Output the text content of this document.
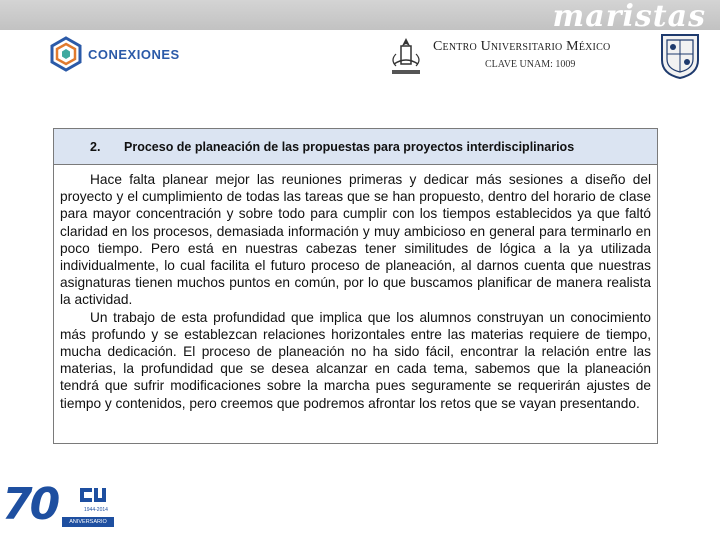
maristas
CONEXIONES
Centro Universitario México
CLAVE UNAM: 1009
2.	Proceso de planeación de las propuestas para proyectos interdisciplinarios

Hace falta planear mejor las reuniones primeras y dedicar más sesiones a diseño del proyecto y el cumplimiento de todas las tareas que se han propuesto, dentro del horario de clase para mayor concentración y sobre todo para cumplir con los tiempos establecidos ya que faltó claridad en los procesos, demasiada información y muy ambicioso en general para terminarlo en poco tiempo. Pero está en nuestras cabezas tener similitudes de lógica a la ya utilizada individualmente, lo cual facilita el futuro proceso de planeación, al darnos cuenta que nuestras asignaturas tienen muchos puntos en común, por lo que buscamos planificar de manera realista la actividad.

Un trabajo de esta profundidad que implica que los alumnos construyan un conocimiento más profundo y se establezcan relaciones horizontales entre las materias requiere de tiempo, mucha dedicación. El proceso de planeación no ha sido fácil, encontrar la relación entre las materias, la profundidad que se desea alcanzar en cada tema, sabemos que la planeación tendrá que sufrir modificaciones sobre la marcha pues seguramente se requerirán ajustes de tiempo y contenidos, pero creemos que podremos afrontar los retos que se vayan presentando.

70	1944-2014
ANIVERSARIO
